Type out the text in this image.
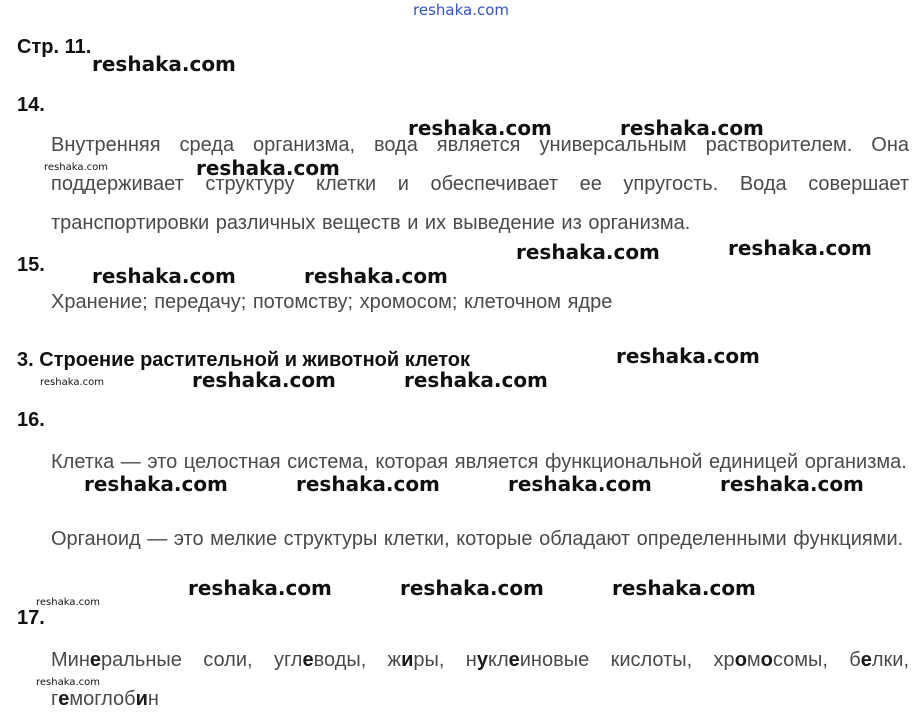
reshaka.com
Стр. 11.
14.
Внутренняя среда организма, вода является универсальным растворителем. Она поддерживает структуру клетки и обеспечивает ее упругость. Вода совершает транспортировки различных веществ и их выведение из организма.
15.
Хранение; передачу; потомству; хромосом; клеточном ядре
3. Строение растительной и животной клеток
16.
Клетка — это целостная система, которая является функциональной единицей организма.
Органоид — это мелкие структуры клетки, которые обладают определенными функциями.
17.
Минеральные соли, углеводы, жиры, нуклеиновые кислоты, хромосомы, белки, гемоглобин
reshaka.com
reshaka.com	reshaka.com
reshaka.com
reshaka.com	reshaka.com
reshaka.com	reshaka.com
reshaka.com
reshaka.com	reshaka.com
reshaka.com	reshaka.com	reshaka.com	reshaka.com
reshaka.com	reshaka.com	reshaka.com
reshaka.com
reshaka.com
reshaka.com
reshaka.com
